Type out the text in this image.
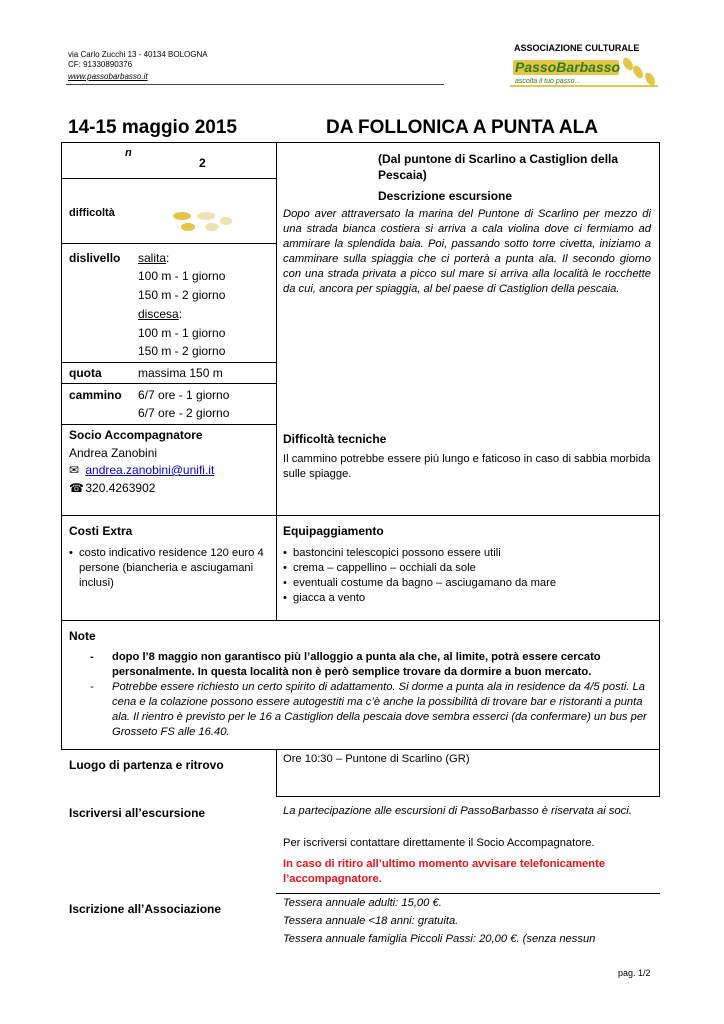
via Carlo Zucchi 13 - 40134 BOLOGNA
CF: 91330890376
www.passobarbasso.it
ASSOCIAZIONE CULTURALE
PassoBarbasso
ascolta il tuo passo...
14-15 maggio 2015	DA FOLLONICA A PUNTA ALA
n
2
difficoltà
dislivello salita:
100 m - 1 giorno
150 m - 2 giorno
discesa:
100 m - 1 giorno
150 m - 2 giorno
quota	massima 150 m
cammino 6/7 ore - 1 giorno
6/7 ore - 2 giorno
Socio Accompagnatore
Andrea Zanobini
✉ andrea.zanobini@unifi.it
☎ 320.4263902
(Dal puntone di Scarlino a Castiglion della Pescaia)
Descrizione escursione
Dopo aver attraversato la marina del Puntone di Scarlino per mezzo di una strada bianca costiera si arriva a cala violina dove ci fermiamo ad ammirare la splendida baia. Poi, passando sotto torre civetta, iniziamo a camminare sulla spiaggia che ci porterà a punta ala. Il secondo giorno con una strada privata a picco sul mare si arriva alla località le rocchette da cui, ancora per spiaggia, al bel paese di Castiglion della pescaia.
Difficoltà tecniche
Il cammino potrebbe essere più lungo e faticoso in caso di sabbia morbida sulle spiagge.
Costi Extra
• costo indicativo residence 120 euro 4 persone (biancheria e asciugamani inclusi)
Equipaggiamento
• bastoncini telescopici possono essere utili
• crema – cappellino – occhiali da sole
• eventuali costume da bagno – asciugamano da mare
• giacca a vento
Note
- dopo l’8 maggio non garantisco più l’alloggio a punta ala che, al limite, potrà essere cercato personalmente. In questa località non è però semplice trovare da dormire a buon mercato.
- Potrebbe essere richiesto un certo spirito di adattamento. Si dorme a punta ala in residence da 4/5 posti. La cena e la colazione possono essere autogestiti ma c’è anche la possibilità di trovare bar e ristoranti a punta ala. Il rientro è previsto per le 16 a Castiglion della pescaia dove sembra esserci (da confermare) un bus per Grosseto FS alle 16.40.
Luogo di partenza e ritrovo	Ore 10:30 – Puntone di Scarlino (GR)
Iscriversi all’escursione	La partecipazione alle escursioni di PassoBarbasso è riservata ai soci.
Per iscriversi contattare direttamente il Socio Accompagnatore.
In caso di ritiro all’ultimo momento avvisare telefonicamente l’accompagnatore.
Iscrizione all’Associazione	Tessera annuale adulti: 15,00 €.
Tessera annuale <18 anni: gratuita.
Tessera annuale famiglia Piccoli Passi: 20,00 €. (senza nessun
pag. 1/2
